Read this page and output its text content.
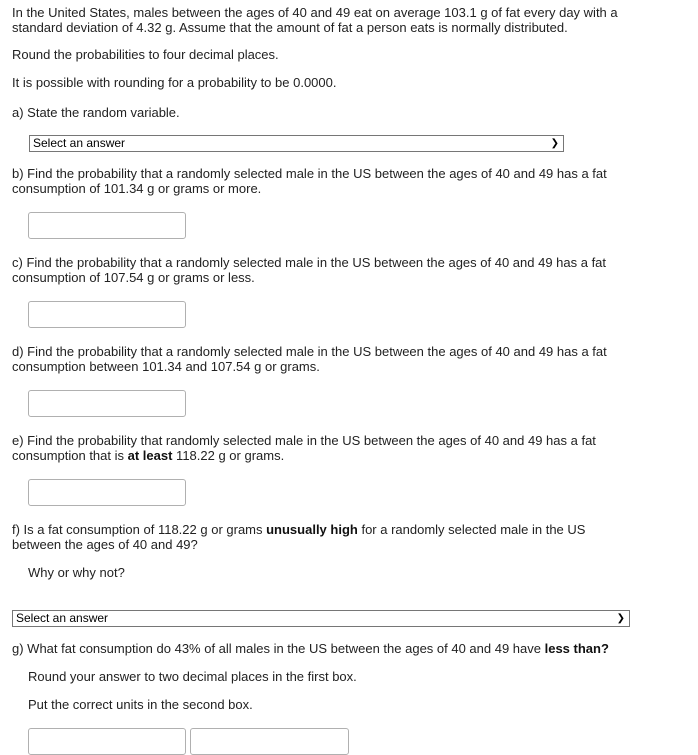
In the United States, males between the ages of 40 and 49 eat on average 103.1 g of fat every day with a
standard deviation of 4.32 g. Assume that the amount of fat a person eats is normally distributed.
Round the probabilities to four decimal places.
It is possible with rounding for a probability to be 0.0000.
a) State the random variable.
Select an answer	❯
b) Find the probability that a randomly selected male in the US between the ages of 40 and 49 has a fat
consumption of 101.34 g or grams or more.
c) Find the probability that a randomly selected male in the US between the ages of 40 and 49 has a fat
consumption of 107.54 g or grams or less.
d) Find the probability that a randomly selected male in the US between the ages of 40 and 49 has a fat
consumption between 101.34 and 107.54 g or grams.
e) Find the probability that randomly selected male in the US between the ages of 40 and 49 has a fat
consumption that is at least 118.22 g or grams.
f) Is a fat consumption of 118.22 g or grams unusually high for a randomly selected male in the US
between the ages of 40 and 49?
Why or why not?
Select an answer	❯
g) What fat consumption do 43% of all males in the US between the ages of 40 and 49 have less than?
Round your answer to two decimal places in the first box.
Put the correct units in the second box.
